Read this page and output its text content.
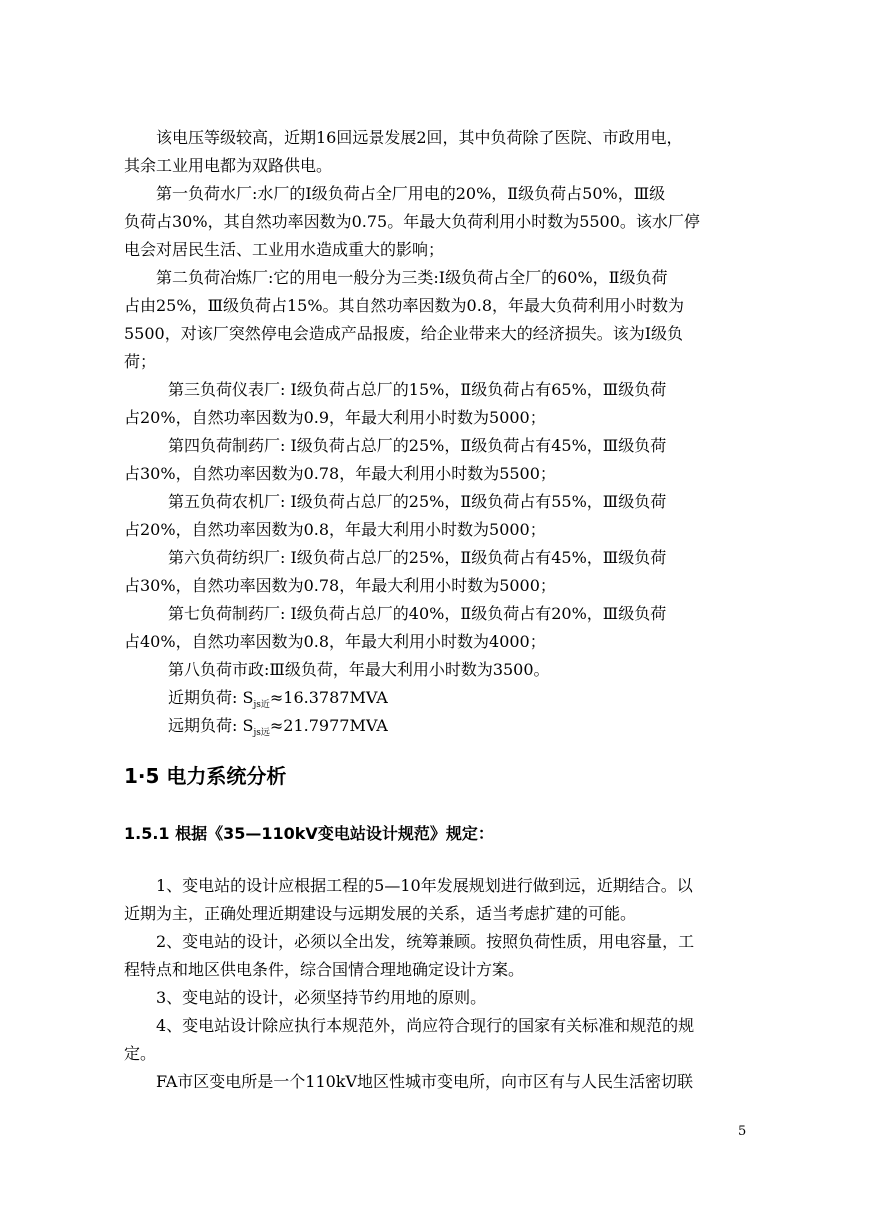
该电压等级较高，近期16回远景发展2回，其中负荷除了医院、市政用电，
其余工业用电都为双路供电。
第一负荷水厂:水厂的Ⅰ级负荷占全厂用电的20%，Ⅱ级负荷占50%，Ⅲ级
负荷占30%，其自然功率因数为0.75。年最大负荷利用小时数为5500。该水厂停
电会对居民生活、工业用水造成重大的影响；
第二负荷冶炼厂:它的用电一般分为三类:Ⅰ级负荷占全厂的60%，Ⅱ级负荷
占由25%，Ⅲ级负荷占15%。其自然功率因数为0.8，年最大负荷利用小时数为
5500，对该厂突然停电会造成产品报废，给企业带来大的经济损失。该为Ⅰ级负
荷；
第三负荷仪表厂: Ⅰ级负荷占总厂的15%，Ⅱ级负荷占有65%，Ⅲ级负荷
占20%，自然功率因数为0.9，年最大利用小时数为5000；
第四负荷制药厂: Ⅰ级负荷占总厂的25%，Ⅱ级负荷占有45%，Ⅲ级负荷
占30%，自然功率因数为0.78，年最大利用小时数为5500；
第五负荷农机厂: Ⅰ级负荷占总厂的25%，Ⅱ级负荷占有55%，Ⅲ级负荷
占20%，自然功率因数为0.8，年最大利用小时数为5000；
第六负荷纺织厂: Ⅰ级负荷占总厂的25%，Ⅱ级负荷占有45%，Ⅲ级负荷
占30%，自然功率因数为0.78，年最大利用小时数为5000；
第七负荷制药厂: Ⅰ级负荷占总厂的40%，Ⅱ级负荷占有20%，Ⅲ级负荷
占40%，自然功率因数为0.8，年最大利用小时数为4000；
第八负荷市政:Ⅲ级负荷，年最大利用小时数为3500。
近期负荷: $S_{js近}\approx 16.3787MVA$
远期负荷: $S_{js远}\approx 21.7977MVA$
1·5 电力系统分析
1.5.1 根据《35—110kV变电站设计规范》规定：
1、变电站的设计应根据工程的5—10年发展规划进行做到远，近期结合。以
近期为主，正确处理近期建设与远期发展的关系，适当考虑扩建的可能。
2、变电站的设计，必须以全出发，统筹兼顾。按照负荷性质，用电容量，工
程特点和地区供电条件，综合国情合理地确定设计方案。
3、变电站的设计，必须坚持节约用地的原则。
4、变电站设计除应执行本规范外，尚应符合现行的国家有关标准和规范的规
定。
FA市区变电所是一个110kV地区性城市变电所，向市区有与人民生活密切联
5
